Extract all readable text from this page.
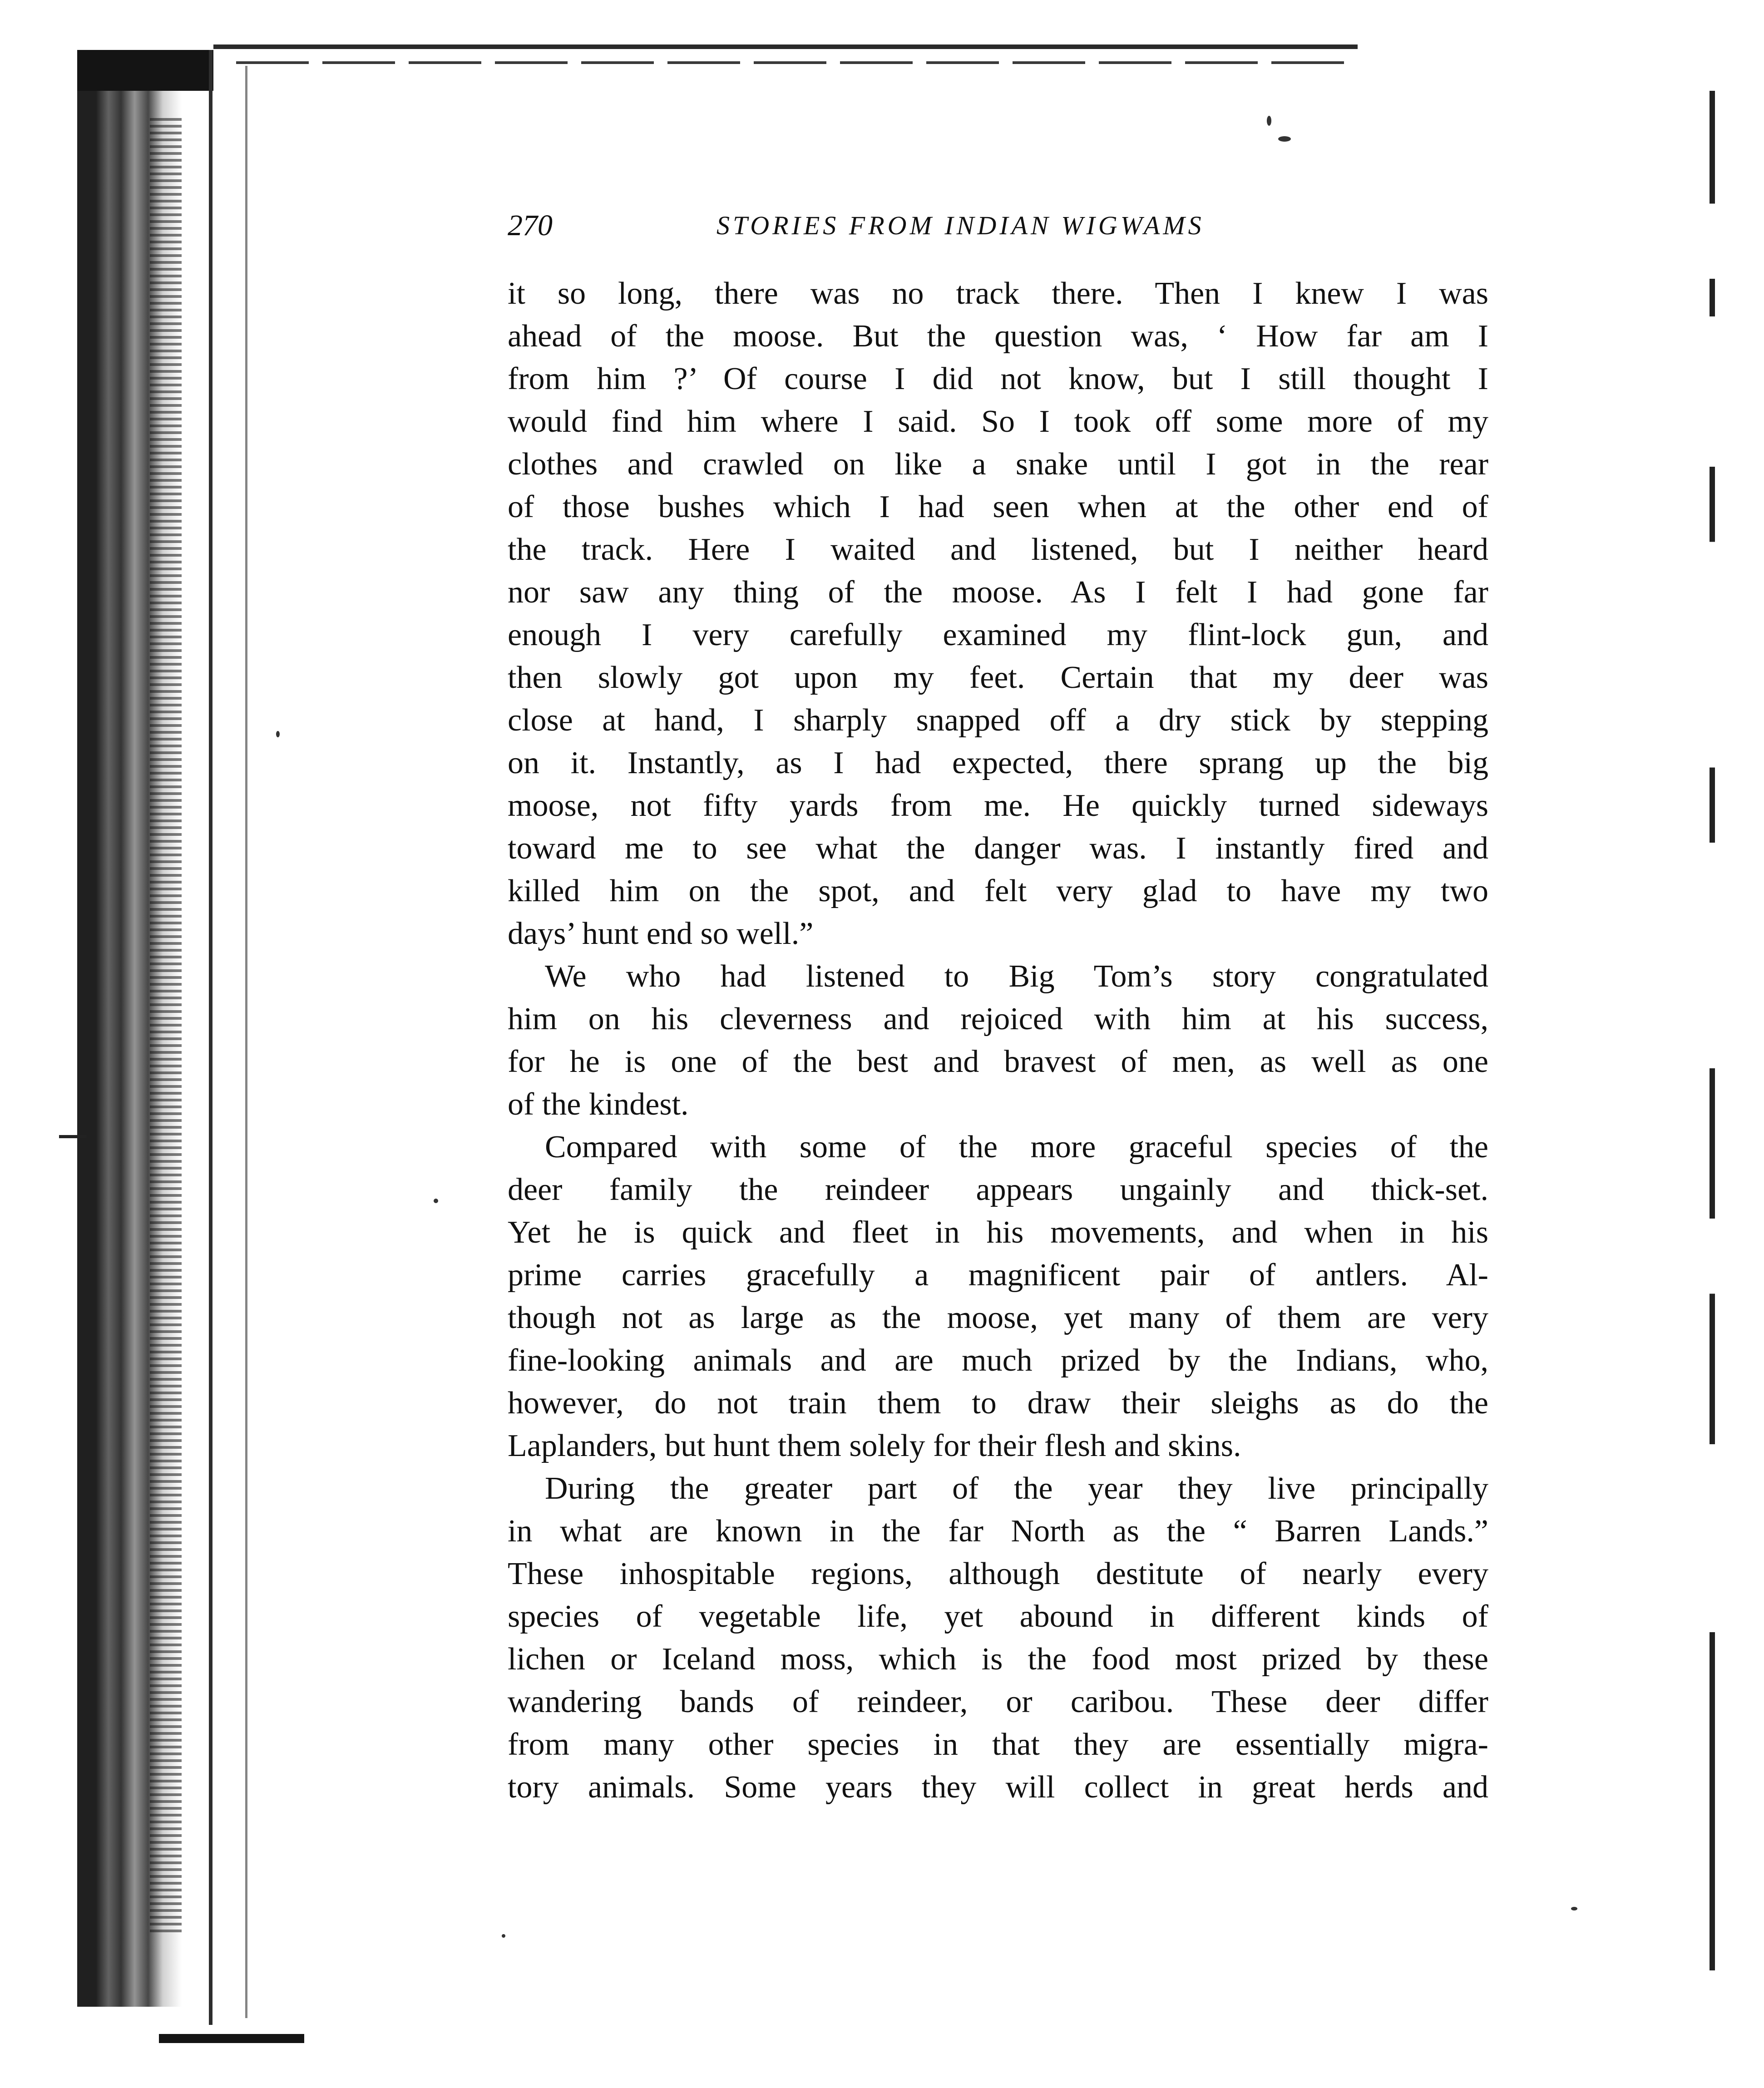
270	STORIES FROM INDIAN WIGWAMS
it so long, there was no track there. Then I knew I was
ahead of the moose. But the question was, ‘ How far am I
from him ?’ Of course I did not know, but I still thought I
would find him where I said. So I took off some more of my
clothes and crawled on like a snake until I got in the rear
of those bushes which I had seen when at the other end of
the track. Here I waited and listened, but I neither heard
nor saw any thing of the moose. As I felt I had gone far
enough I very carefully examined my flint-lock gun, and
then slowly got upon my feet. Certain that my deer was
close at hand, I sharply snapped off a dry stick by stepping
on it. Instantly, as I had expected, there sprang up the big
moose, not fifty yards from me. He quickly turned sideways
toward me to see what the danger was. I instantly fired and
killed him on the spot, and felt very glad to have my two
days’ hunt end so well.”
We who had listened to Big Tom’s story congratulated
him on his cleverness and rejoiced with him at his success,
for he is one of the best and bravest of men, as well as one
of the kindest.
Compared with some of the more graceful species of the
deer family the reindeer appears ungainly and thick-set.
Yet he is quick and fleet in his movements, and when in his
prime carries gracefully a magnificent pair of antlers. Al-
though not as large as the moose, yet many of them are very
fine-looking animals and are much prized by the Indians, who,
however, do not train them to draw their sleighs as do the
Laplanders, but hunt them solely for their flesh and skins.
During the greater part of the year they live principally
in what are known in the far North as the “ Barren Lands.”
These inhospitable regions, although destitute of nearly every
species of vegetable life, yet abound in different kinds of
lichen or Iceland moss, which is the food most prized by these
wandering bands of reindeer, or caribou. These deer differ
from many other species in that they are essentially migra-
tory animals. Some years they will collect in great herds and
